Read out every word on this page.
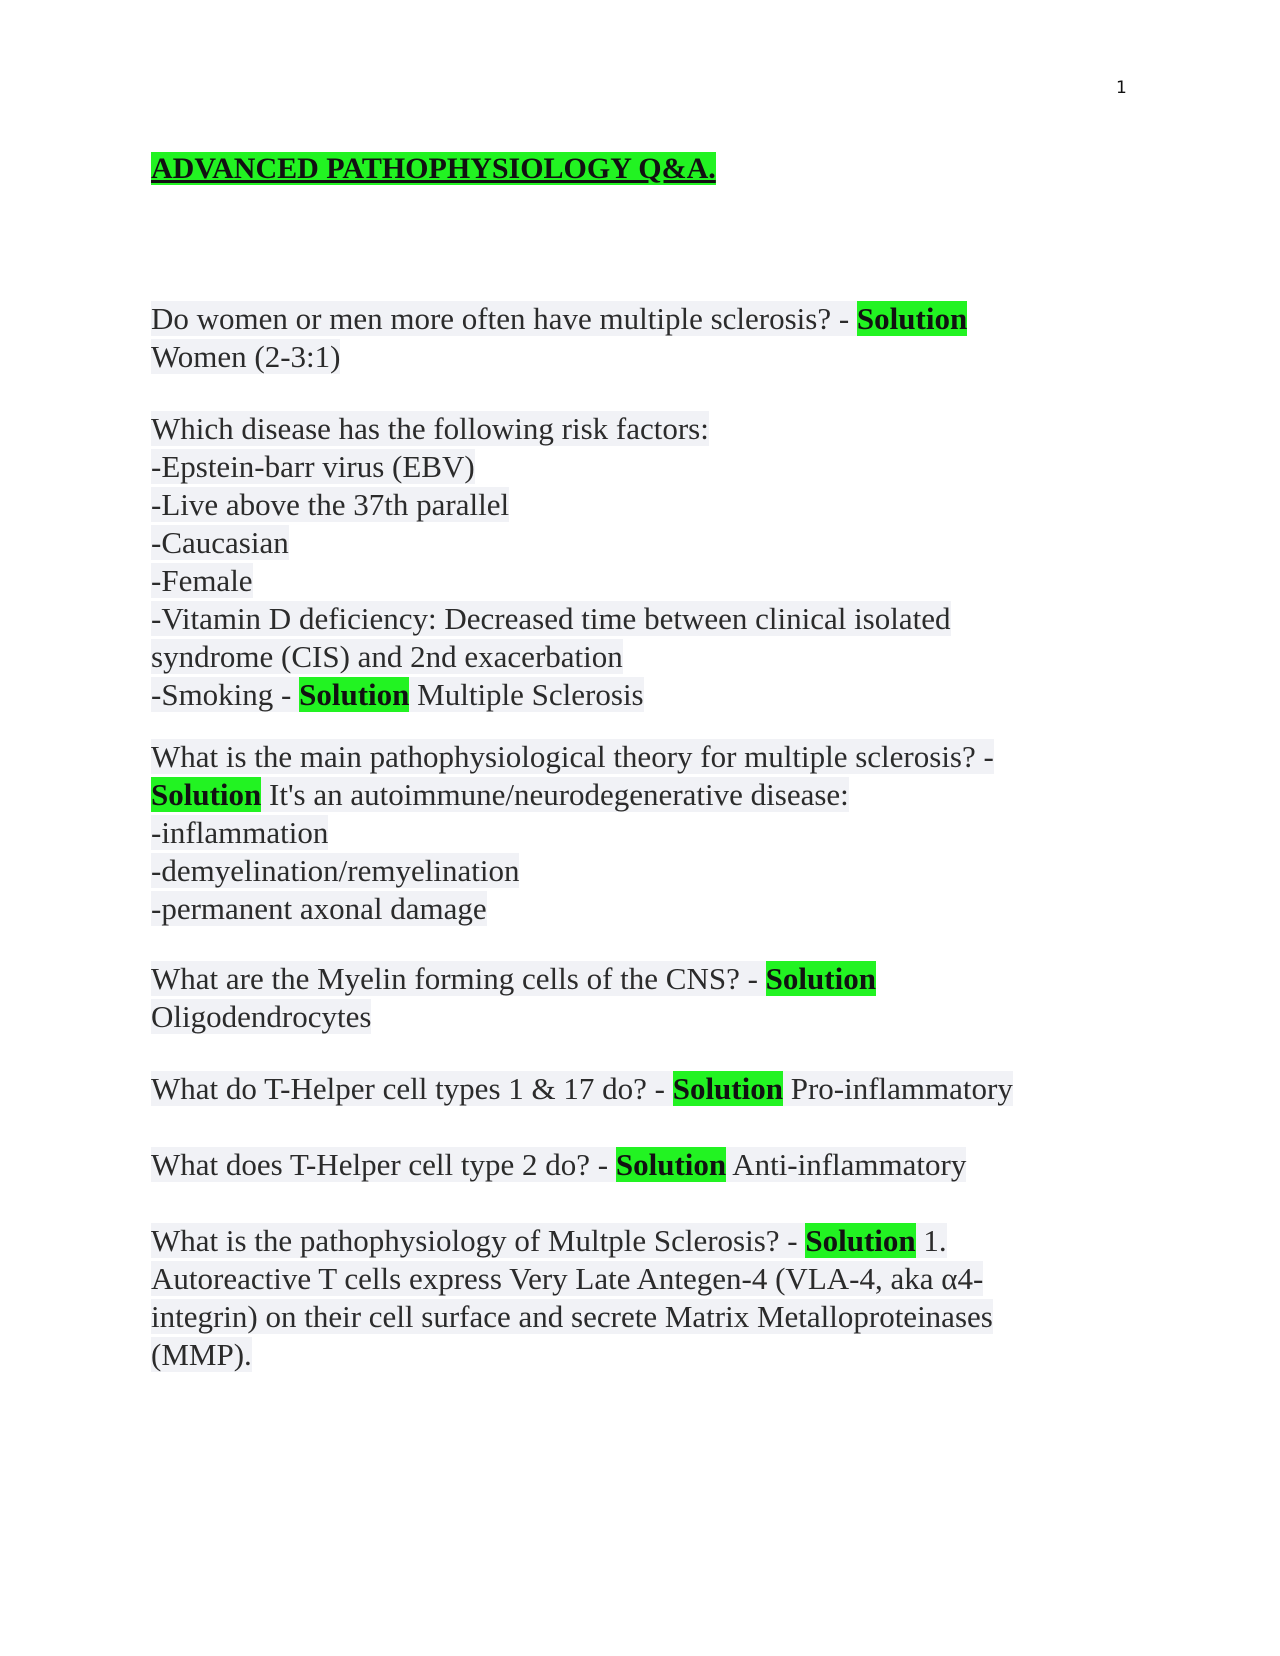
1
ADVANCED PATHOPHYSIOLOGY Q&A.
Do women or men more often have multiple sclerosis? - Solution
Women (2-3:1)
Which disease has the following risk factors:
-Epstein-barr virus (EBV)
-Live above the 37th parallel
-Caucasian
-Female
-Vitamin D deficiency: Decreased time between clinical isolated
syndrome (CIS) and 2nd exacerbation
-Smoking - Solution Multiple Sclerosis
What is the main pathophysiological theory for multiple sclerosis? -
Solution It's an autoimmune/neurodegenerative disease:
-inflammation
-demyelination/remyelination
-permanent axonal damage
What are the Myelin forming cells of the CNS? - Solution
Oligodendrocytes
What do T-Helper cell types 1 & 17 do? - Solution Pro-inflammatory
What does T-Helper cell type 2 do? - Solution Anti-inflammatory
What is the pathophysiology of Multple Sclerosis? - Solution 1.
Autoreactive T cells express Very Late Antegen-4 (VLA-4, aka α4-
integrin) on their cell surface and secrete Matrix Metalloproteinases
(MMP).
